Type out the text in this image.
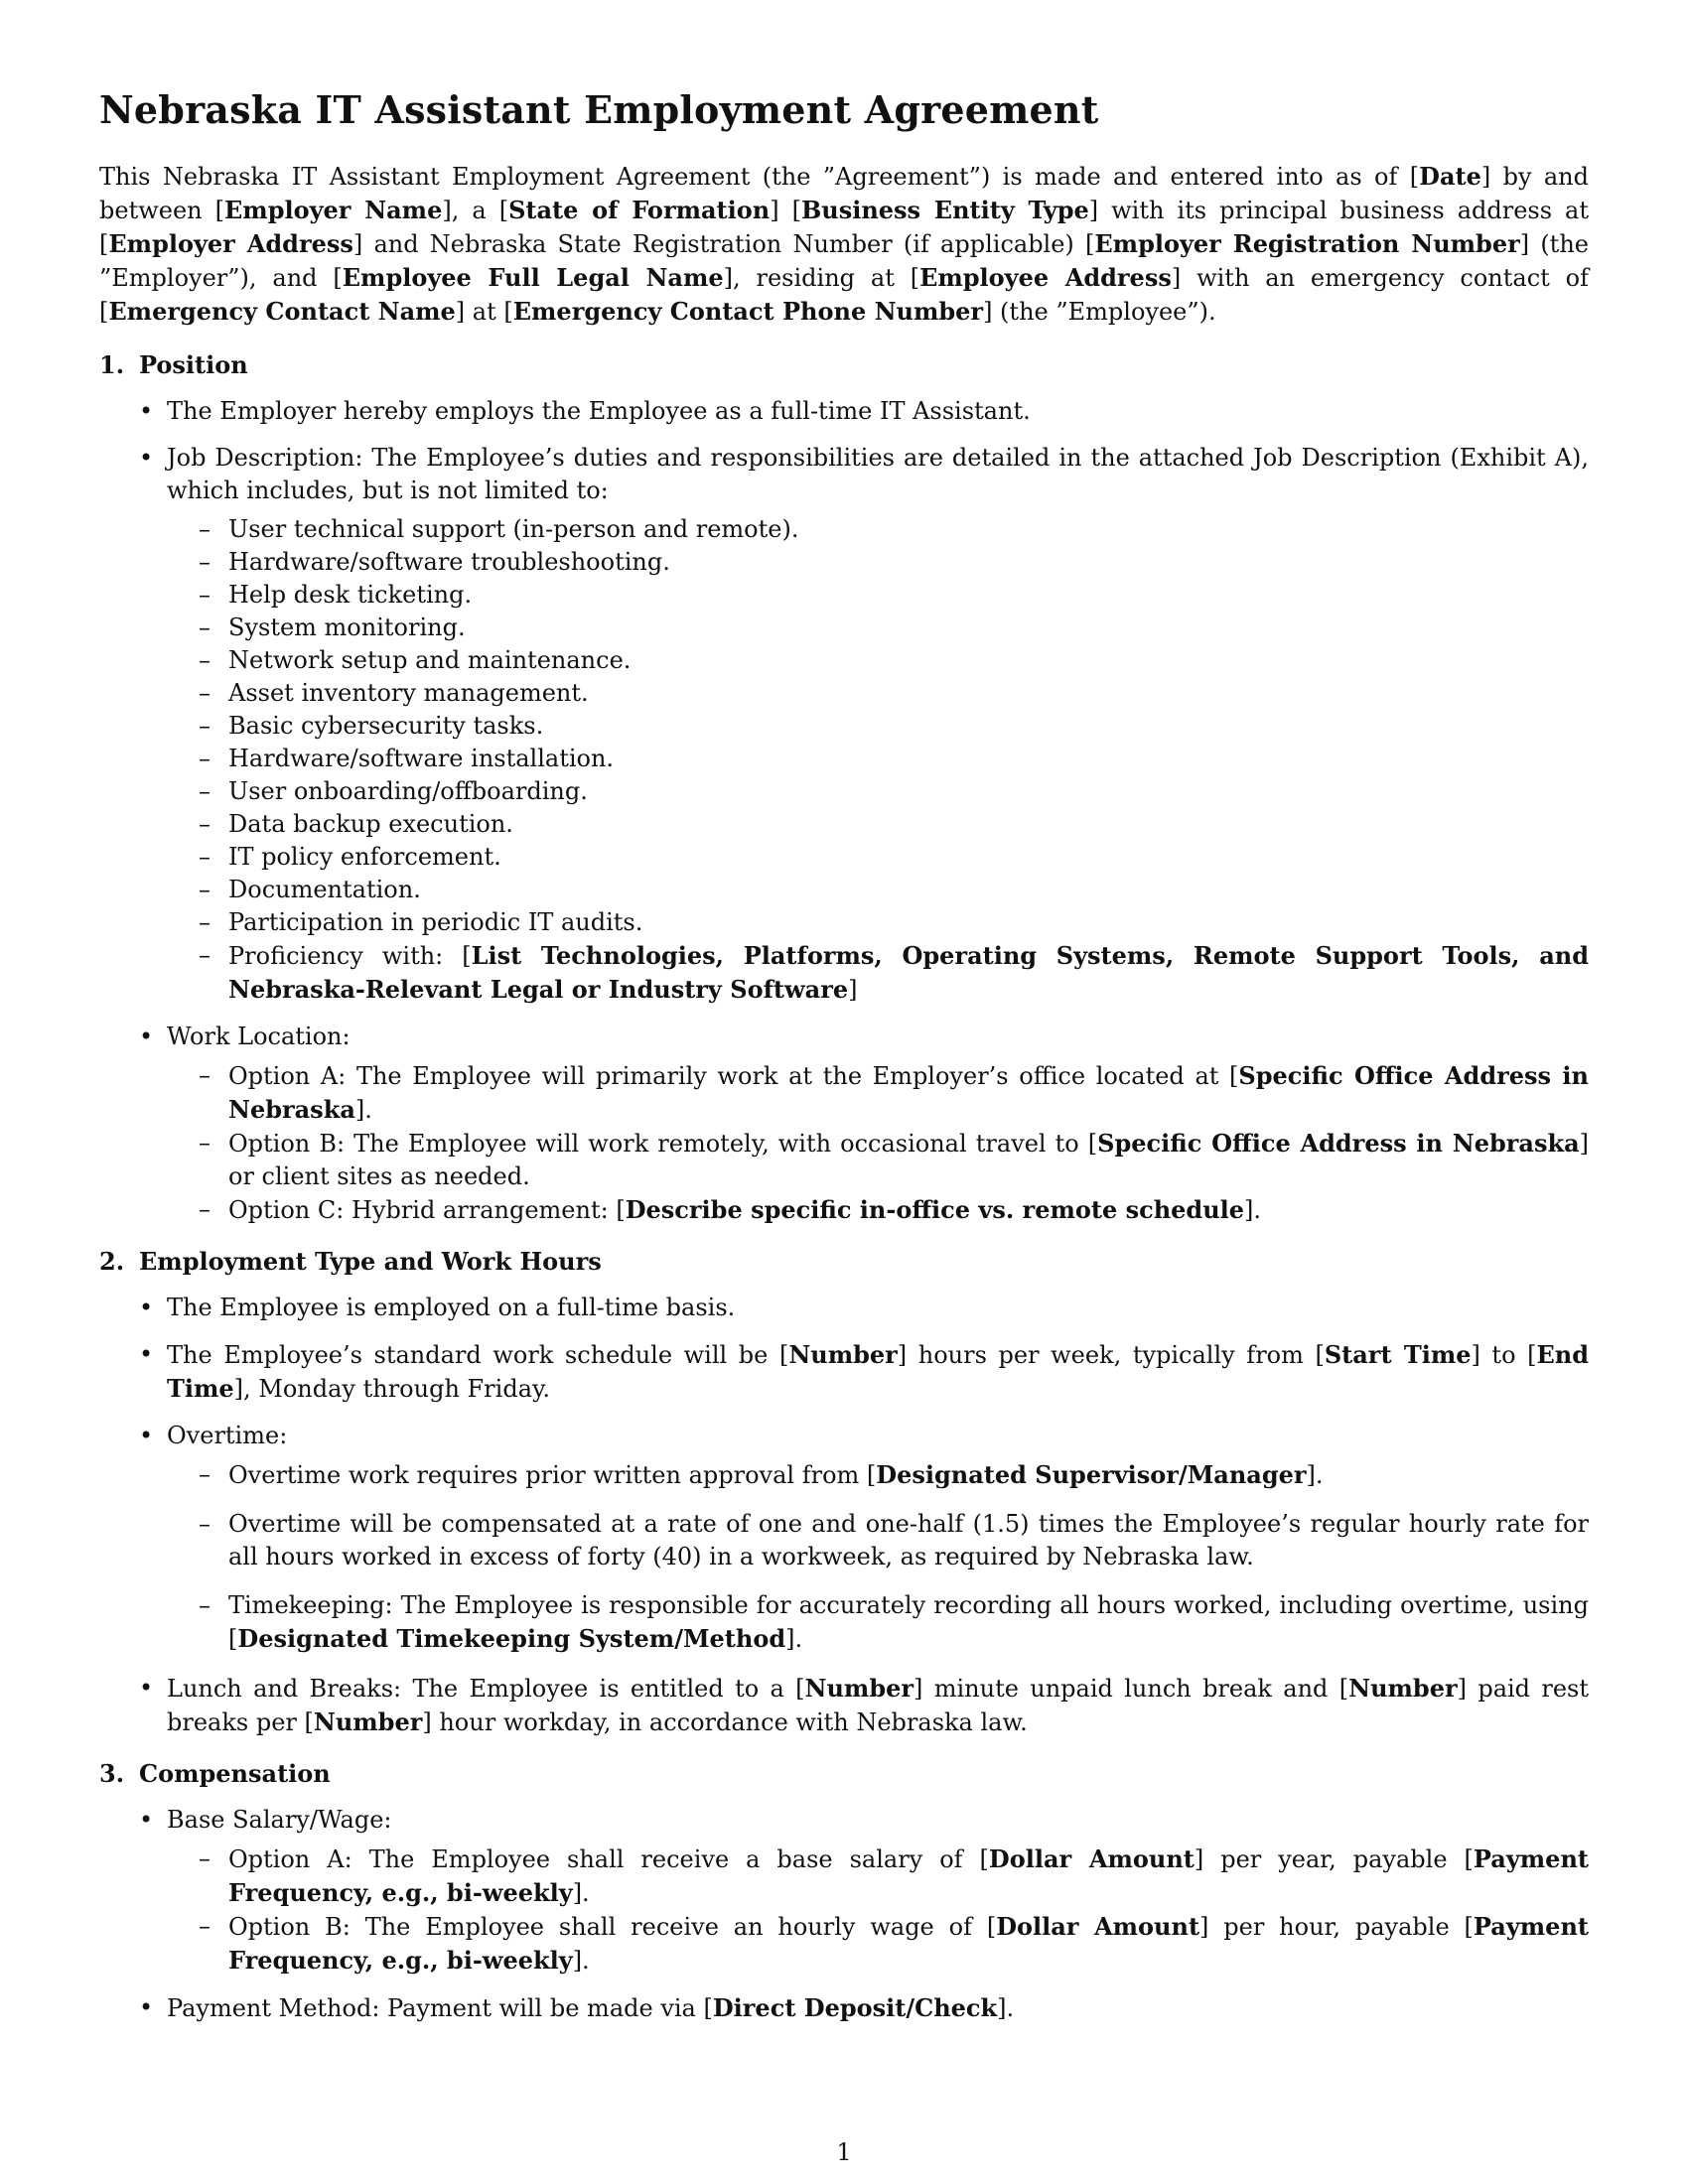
Nebraska IT Assistant Employment Agreement

This Nebraska IT Assistant Employment Agreement (the ”Agreement”) is made and entered into as of [Date] by and between [Employer Name], a [State of Formation] [Business Entity Type] with its principal business address at [Employer Address] and Nebraska State Registration Number (if applicable) [Employer Registration Number] (the ”Employer”), and [Employee Full Legal Name], residing at [Employee Address] with an emergency contact of [Emergency Contact Name] at [Emergency Contact Phone Number] (the ”Employee”).

1. Position
• The Employer hereby employs the Employee as a full-time IT Assistant.
• Job Description: The Employee’s duties and responsibilities are detailed in the attached Job Description (Exhibit A), which includes, but is not limited to:
– User technical support (in-person and remote).
– Hardware/software troubleshooting.
– Help desk ticketing.
– System monitoring.
– Network setup and maintenance.
– Asset inventory management.
– Basic cybersecurity tasks.
– Hardware/software installation.
– User onboarding/offboarding.
– Data backup execution.
– IT policy enforcement.
– Documentation.
– Participation in periodic IT audits.
– Proficiency with: [List Technologies, Platforms, Operating Systems, Remote Support Tools, and Nebraska-Relevant Legal or Industry Software]
• Work Location:
– Option A: The Employee will primarily work at the Employer’s office located at [Specific Office Address in Nebraska].
– Option B: The Employee will work remotely, with occasional travel to [Specific Office Address in Nebraska] or client sites as needed.
– Option C: Hybrid arrangement: [Describe specific in-office vs. remote schedule].
2. Employment Type and Work Hours
• The Employee is employed on a full-time basis.
• The Employee’s standard work schedule will be [Number] hours per week, typically from [Start Time] to [End Time], Monday through Friday.
• Overtime:
– Overtime work requires prior written approval from [Designated Supervisor/Manager].
– Overtime will be compensated at a rate of one and one-half (1.5) times the Employee’s regular hourly rate for all hours worked in excess of forty (40) in a workweek, as required by Nebraska law.
– Timekeeping: The Employee is responsible for accurately recording all hours worked, including overtime, using [Designated Timekeeping System/Method].
• Lunch and Breaks: The Employee is entitled to a [Number] minute unpaid lunch break and [Number] paid rest breaks per [Number] hour workday, in accordance with Nebraska law.
3. Compensation
• Base Salary/Wage:
– Option A: The Employee shall receive a base salary of [Dollar Amount] per year, payable [Payment Frequency, e.g., bi-weekly].
– Option B: The Employee shall receive an hourly wage of [Dollar Amount] per hour, payable [Payment Frequency, e.g., bi-weekly].
• Payment Method: Payment will be made via [Direct Deposit/Check].
1
